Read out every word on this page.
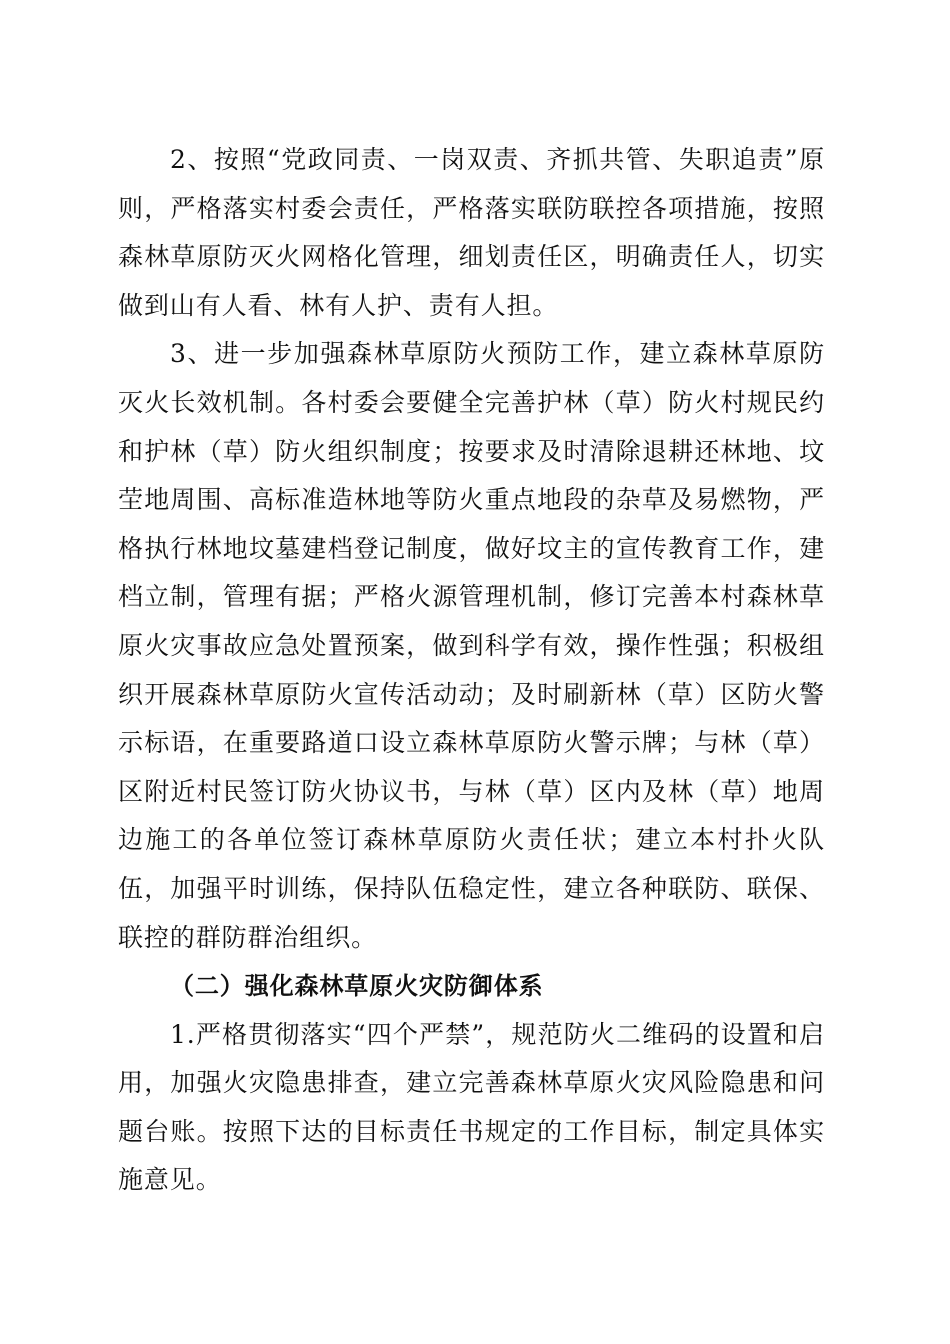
2、按照“党政同责、一岗双责、齐抓共管、失职追责”原则，严格落实村委会责任，严格落实联防联控各项措施，按照森林草原防灭火网格化管理，细划责任区，明确责任人，切实做到山有人看、林有人护、责有人担。

3、进一步加强森林草原防火预防工作，建立森林草原防灭火长效机制。各村委会要健全完善护林（草）防火村规民约和护林（草）防火组织制度；按要求及时清除退耕还林地、坟茔地周围、高标准造林地等防火重点地段的杂草及易燃物，严格执行林地坟墓建档登记制度，做好坟主的宣传教育工作，建档立制，管理有据；严格火源管理机制，修订完善本村森林草原火灾事故应急处置预案，做到科学有效，操作性强；积极组织开展森林草原防火宣传活动动；及时刷新林（草）区防火警示标语，在重要路道口设立森林草原防火警示牌；与林（草）区附近村民签订防火协议书，与林（草）区内及林（草）地周边施工的各单位签订森林草原防火责任状；建立本村扑火队伍，加强平时训练，保持队伍稳定性，建立各种联防、联保、联控的群防群治组织。

（二）强化森林草原火灾防御体系

1.严格贯彻落实“四个严禁”，规范防火二维码的设置和启用，加强火灾隐患排查，建立完善森林草原火灾风险隐患和问题台账。按照下达的目标责任书规定的工作目标，制定具体实施意见。
